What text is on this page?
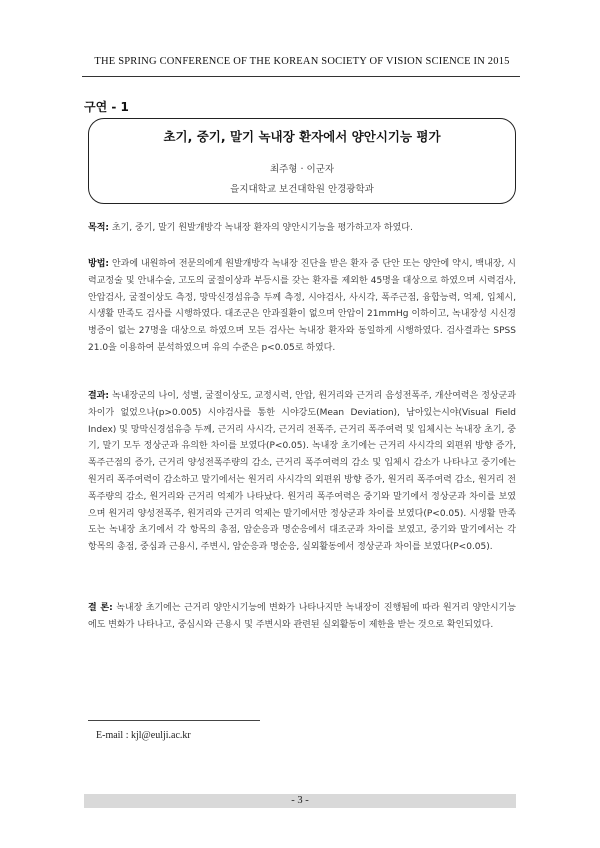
THE SPRING CONFERENCE OF THE KOREAN SOCIETY OF VISION SCIENCE IN 2015
구연 - 1
초기, 중기, 말기 녹내장 환자에서 양안시기능 평가
최주형 · 이군자
을지대학교 보건대학원 안경광학과

목적: 초기, 중기, 말기 원발개방각 녹내장 환자의 양안시기능을 평가하고자 하였다.

방법: 안과에 내원하여 전문의에게 원발개방각 녹내장 진단을 받은 환자 중 단안 또는 양안에 약시, 백내장, 시력교정술 및 안내수술, 고도의 굴절이상과 부등시를 갖는 환자를 제외한 45명을 대상으로 하였으며 시력검사, 안압검사, 굴절이상도 측정, 망막신경섬유층 두께 측정, 시야검사, 사시각, 폭주근점, 융합능력, 억제, 입체시, 시생활 만족도 검사를 시행하였다. 대조군은 안과질환이 없으며 안압이 21mmHg 이하이고, 녹내장성 시신경병증이 없는 27명을 대상으로 하였으며 모든 검사는 녹내장 환자와 동일하게 시행하였다. 검사결과는 SPSS 21.0을 이용하여 분석하였으며 유의 수준은 p<0.05로 하였다.

결과: 녹내장군의 나이, 성별, 굴절이상도, 교정시력, 안압, 원거리와 근거리 음성전폭주, 개산여력은 정상군과 차이가 없었으나(p>0.005) 시야검사를 통한 시야강도(Mean Deviation), 남아있는시야(Visual Field Index) 및 망막신경섬유층 두께, 근거리 사시각, 근거리 전폭주, 근거리 폭주여력 및 입체시는 녹내장 초기, 중기, 말기 모두 정상군과 유의한 차이를 보였다(P<0.05). 녹내장 초기에는 근거리 사시각의 외편위 방향 증가, 폭주근점의 증가, 근거리 양성전폭주량의 감소, 근거리 폭주여력의 감소 및 입체시 감소가 나타나고 중기에는 원거리 폭주여력이 감소하고 말기에서는 원거리 사시각의 외편위 방향 증가, 원거리 폭주여력 감소, 원거리 전폭주량의 감소, 원거리와 근거리 억제가 나타났다. 원거리 폭주여력은 중기와 말기에서 정상군과 차이를 보였으며 원거리 양성전폭주, 원거리와 근거리 억제는 말기에서만 정상군과 차이를 보였다(P<0.05). 시생활 만족도는 녹내장 초기에서 각 항목의 총점, 암순응과 명순응에서 대조군과 차이를 보였고, 중기와 말기에서는 각 항목의 총점, 중심과 근용시, 주변시, 암순응과 명순응, 실외활동에서 정상군과 차이를 보였다(P<0.05).

결 론: 녹내장 초기에는 근거리 양안시기능에 변화가 나타나지만 녹내장이 진행됨에 따라 원거리 양안시기능에도 변화가 나타나고, 중심시와 근용시 및 주변시와 관련된 실외활동이 제한을 받는 것으로 확인되었다.

E-mail : kjl@eulji.ac.kr
- 3 -
